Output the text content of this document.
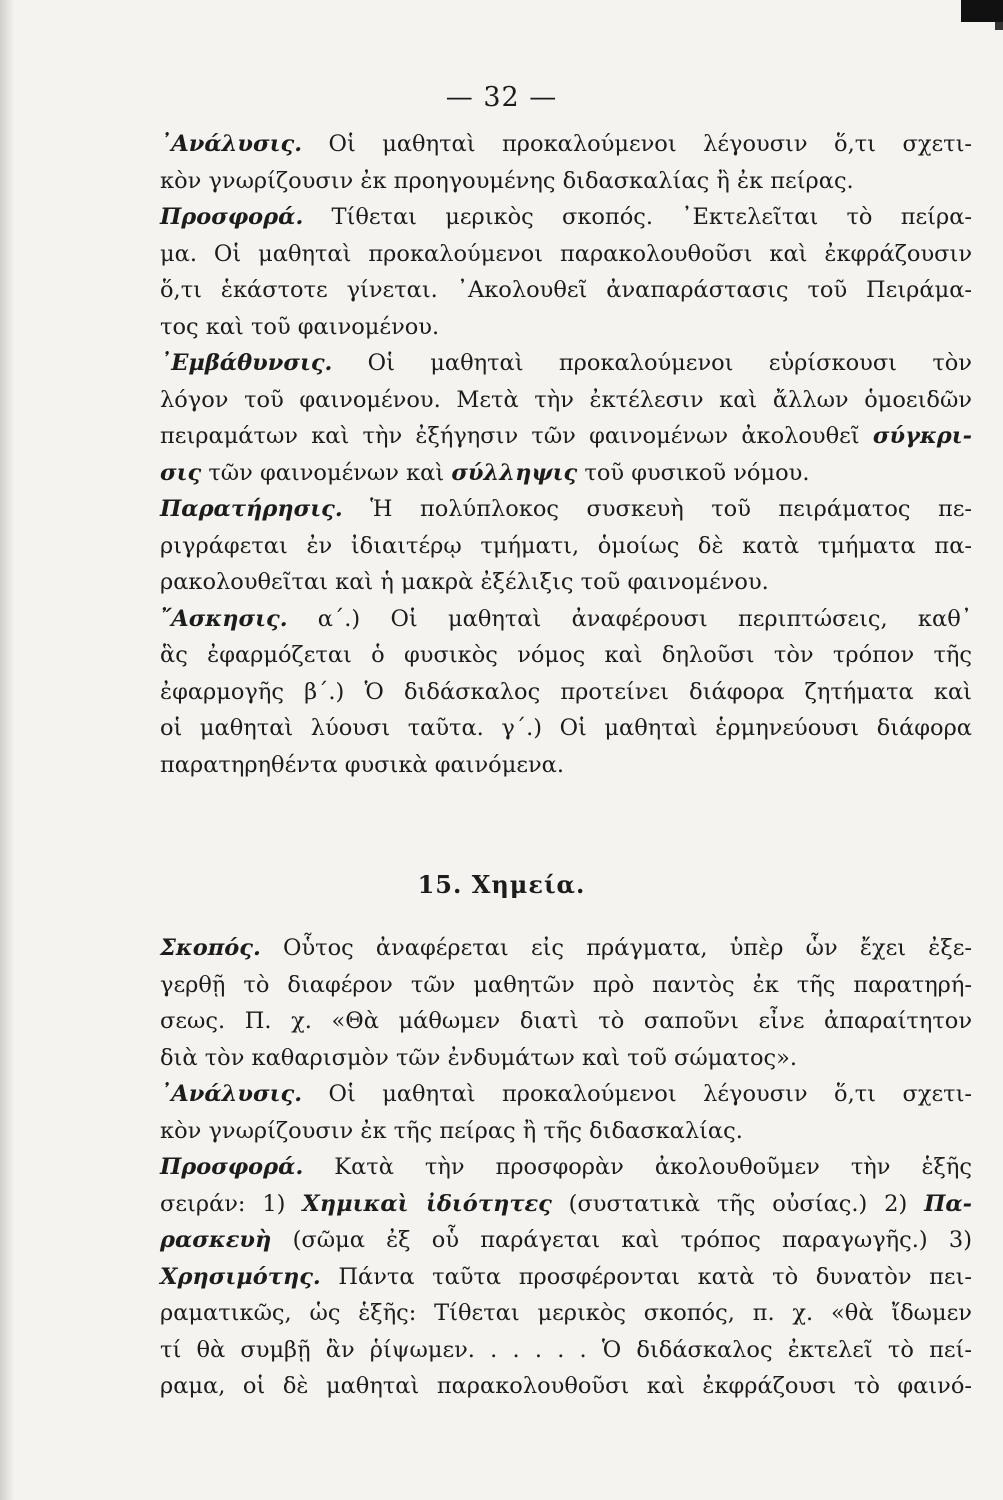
— 32 —
᾿Ανάλυσις. Οἱ μαθηταὶ προκαλούμενοι λέγουσιν ὅ,τι σχετι-
κὸν γνωρίζουσιν ἐκ προηγουμένης διδασκαλίας ἢ ἐκ πείρας.
Προσφορά. Τίθεται μερικὸς σκοπός. ᾿Εκτελεῖται τὸ πείρα-
μα. Οἱ μαθηταὶ προκαλούμενοι παρακολουθοῦσι καὶ ἐκφράζουσιν
ὅ,τι ἑκάστοτε γίνεται. ᾿Ακολουθεῖ ἀναπαράστασις τοῦ Πειράμα-
τος καὶ τοῦ φαινομένου.
᾿Εμβάθυνσις. Οἱ μαθηταὶ προκαλούμενοι εὑρίσκουσι τὸν
λόγον τοῦ φαινομένου. Μετὰ τὴν ἐκτέλεσιν καὶ ἄλλων ὁμοειδῶν
πειραμάτων καὶ τὴν ἐξήγησιν τῶν φαινομένων ἀκολουθεῖ σύγκρι-
σις τῶν φαινομένων καὶ σύλληψις τοῦ φυσικοῦ νόμου.
Παρατήρησις. Ἡ πολύπλοκος συσκευὴ τοῦ πειράματος πε-
ριγράφεται ἐν ἰδιαιτέρῳ τμήματι, ὁμοίως δὲ κατὰ τμήματα πα-
ρακολουθεῖται καὶ ἡ μακρὰ ἐξέλιξις τοῦ φαινομένου.
῎Ασκησις. α΄.) Οἱ μαθηταὶ ἀναφέρουσι περιπτώσεις, καθ᾿
ἃς ἐφαρμόζεται ὁ φυσικὸς νόμος καὶ δηλοῦσι τὸν τρόπον τῆς
ἐφαρμογῆς β΄.) Ὁ διδάσκαλος προτείνει διάφορα ζητήματα καὶ
οἱ μαθηταὶ λύουσι ταῦτα. γ΄.) Οἱ μαθηταὶ ἑρμηνεύουσι διάφορα
παρατηρηθέντα φυσικὰ φαινόμενα.
15. Χημεία.
Σκοπός. Οὗτος ἀναφέρεται εἰς πράγματα, ὑπὲρ ὧν ἔχει ἐξε-
γερθῇ τὸ διαφέρον τῶν μαθητῶν πρὸ παντὸς ἐκ τῆς παρατηρή-
σεως. Π. χ. «Θὰ μάθωμεν διατὶ τὸ σαποῦνι εἶνε ἀπαραίτητον
διὰ τὸν καθαρισμὸν τῶν ἐνδυμάτων καὶ τοῦ σώματος».
᾿Ανάλυσις. Οἱ μαθηταὶ προκαλούμενοι λέγουσιν ὅ,τι σχετι-
κὸν γνωρίζουσιν ἐκ τῆς πείρας ἢ τῆς διδασκαλίας.
Προσφορά. Κατὰ τὴν προσφορὰν ἀκολουθοῦμεν τὴν ἑξῆς
σειράν: 1) Χημικαὶ ἰδιότητες (συστατικὰ τῆς οὐσίας.) 2) Πα-
ρασκευὴ (σῶμα ἐξ οὗ παράγεται καὶ τρόπος παραγωγῆς.) 3)
Χρησιμότης. Πάντα ταῦτα προσφέρονται κατὰ τὸ δυνατὸν πει-
ραματικῶς, ὡς ἑξῆς: Τίθεται μερικὸς σκοπός, π. χ. «θὰ ἴδωμεν
τί θὰ συμβῇ ἂν ῥίψωμεν. . . . . . Ὁ διδάσκαλος ἐκτελεῖ τὸ πεί-
ραμα, οἱ δὲ μαθηταὶ παρακολουθοῦσι καὶ ἐκφράζουσι τὸ φαινό-
